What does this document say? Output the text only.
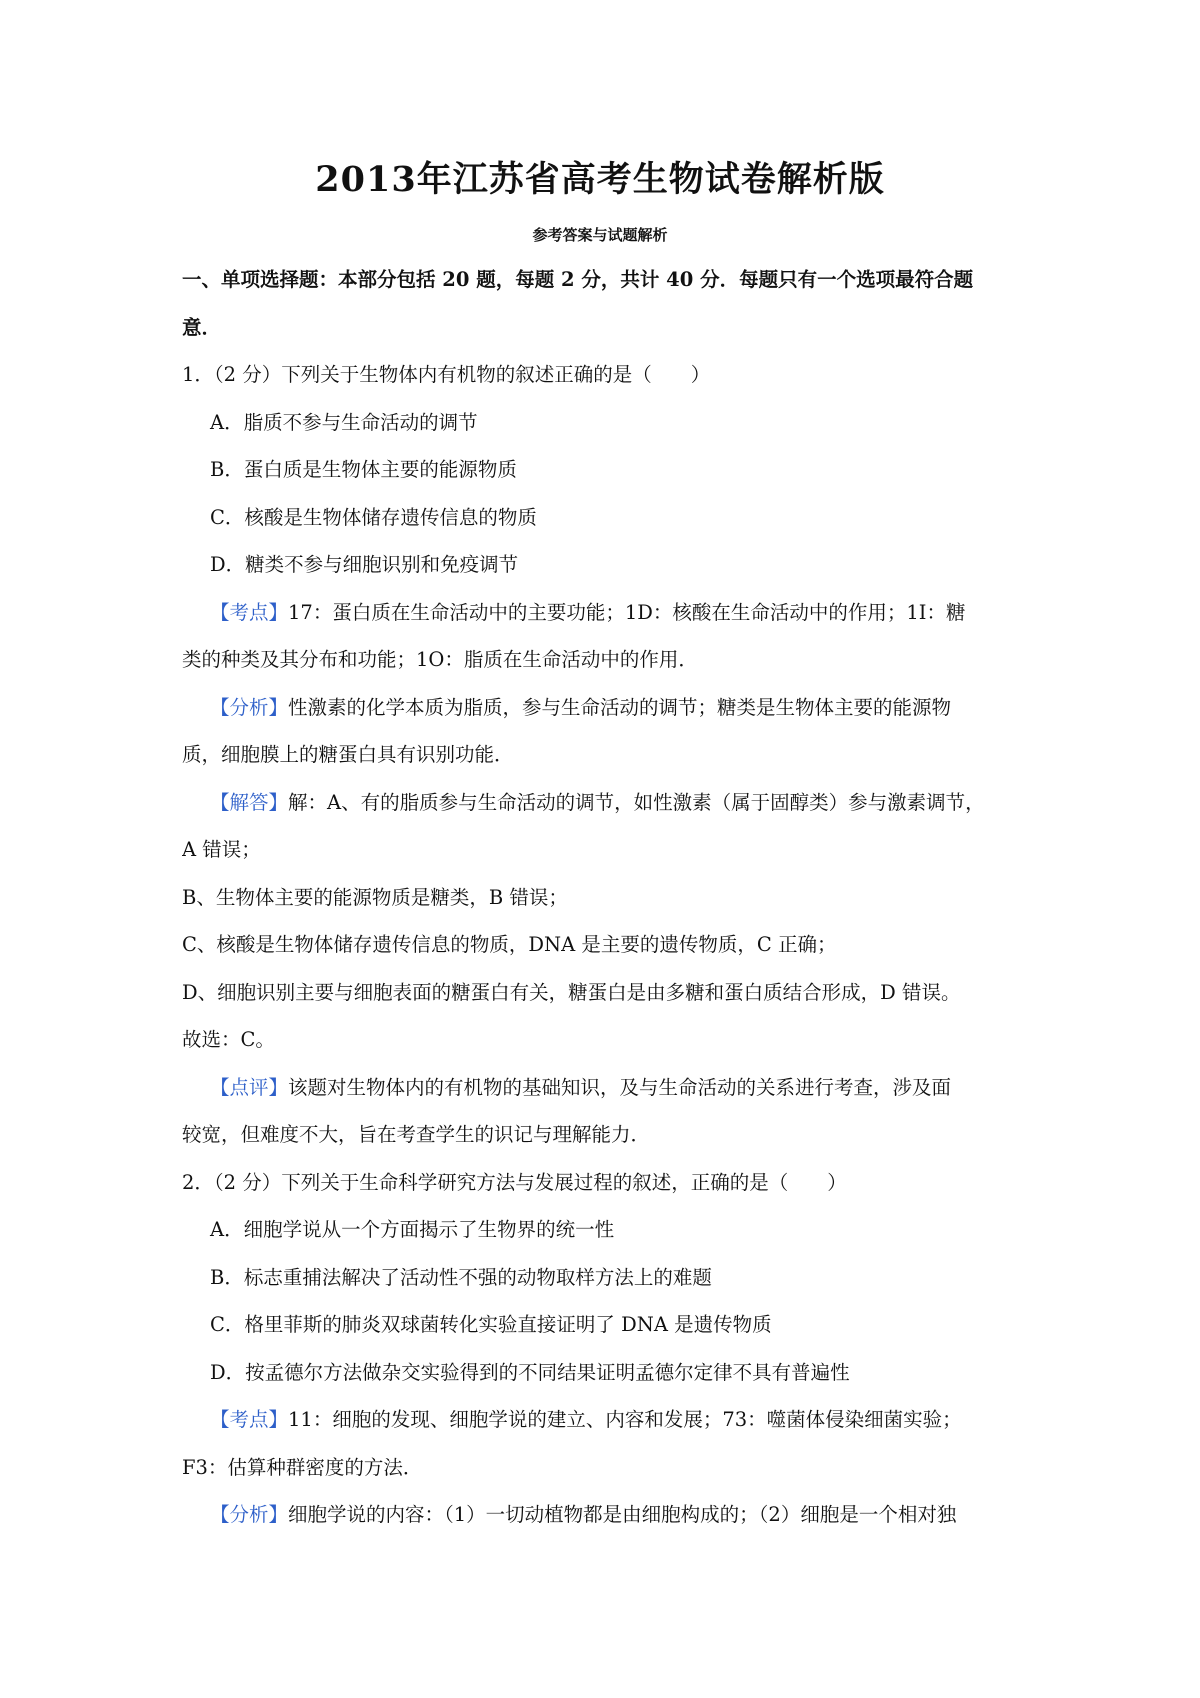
2013年江苏省高考生物试卷解析版
参考答案与试题解析
一、单项选择题：本部分包括 20 题，每题 2 分，共计 40 分．每题只有一个选项最符合题
意．
1．（2 分）下列关于生物体内有机物的叙述正确的是（　　）
A．脂质不参与生命活动的调节
B．蛋白质是生物体主要的能源物质
C．核酸是生物体储存遗传信息的物质
D．糖类不参与细胞识别和免疫调节
【考点】17：蛋白质在生命活动中的主要功能；1D：核酸在生命活动中的作用；1I：糖
类的种类及其分布和功能；1O：脂质在生命活动中的作用．
【分析】性激素的化学本质为脂质，参与生命活动的调节；糖类是生物体主要的能源物
质，细胞膜上的糖蛋白具有识别功能．
【解答】解：A、有的脂质参与生命活动的调节，如性激素（属于固醇类）参与激素调节，
A 错误；
B、生物体主要的能源物质是糖类，B 错误；
C、核酸是生物体储存遗传信息的物质，DNA 是主要的遗传物质，C 正确；
D、细胞识别主要与细胞表面的糖蛋白有关，糖蛋白是由多糖和蛋白质结合形成，D 错误。
故选：C。
【点评】该题对生物体内的有机物的基础知识，及与生命活动的关系进行考查，涉及面
较宽，但难度不大，旨在考查学生的识记与理解能力．
2．（2 分）下列关于生命科学研究方法与发展过程的叙述，正确的是（　　）
A．细胞学说从一个方面揭示了生物界的统一性
B．标志重捕法解决了活动性不强的动物取样方法上的难题
C．格里菲斯的肺炎双球菌转化实验直接证明了 DNA 是遗传物质
D．按孟德尔方法做杂交实验得到的不同结果证明孟德尔定律不具有普遍性
【考点】11：细胞的发现、细胞学说的建立、内容和发展；73：噬菌体侵染细菌实验；
F3：估算种群密度的方法．
【分析】细胞学说的内容：（1）一切动植物都是由细胞构成的；（2）细胞是一个相对独
